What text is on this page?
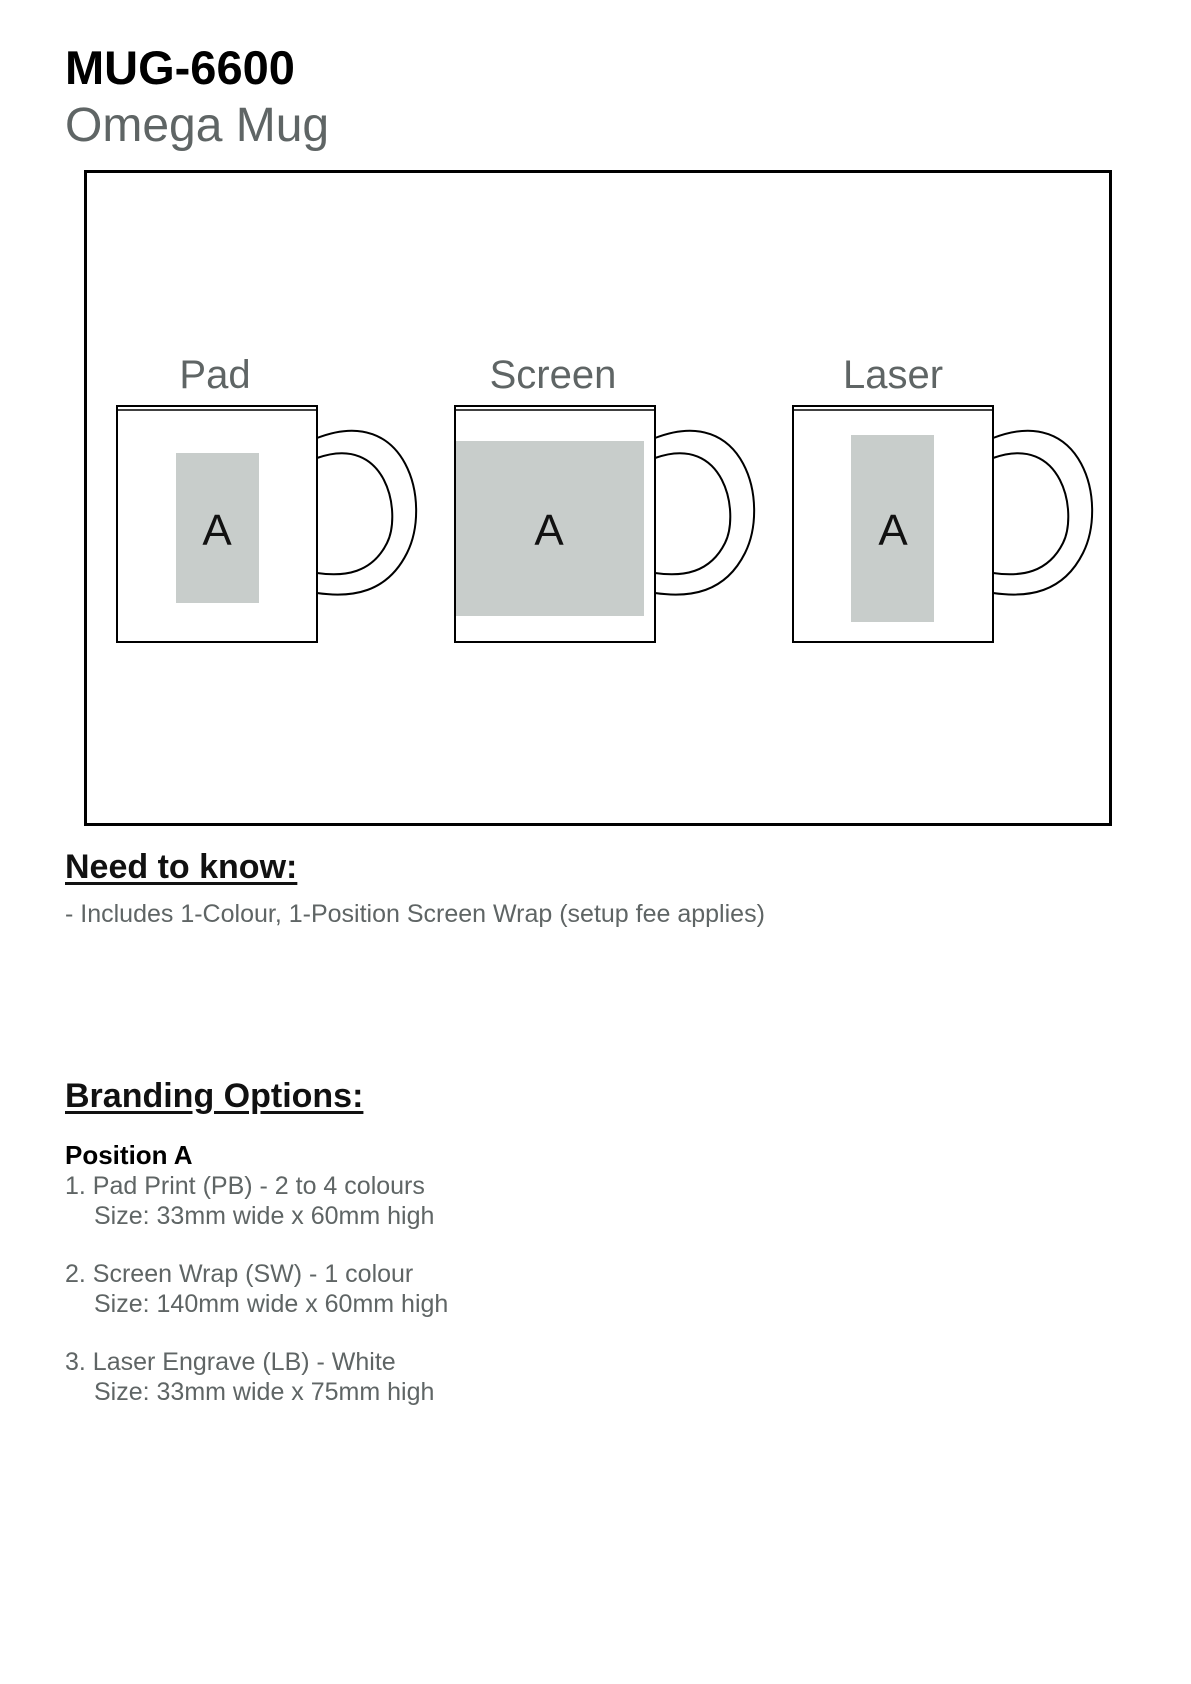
MUG-6600
Omega Mug
Pad
A
Screen
A
Laser
A
Need to know:
- Includes 1-Colour, 1-Position Screen Wrap (setup fee applies)
Branding Options:
Position A
1. Pad Print (PB) - 2 to 4 colours
Size: 33mm wide x 60mm high
2. Screen Wrap (SW) - 1 colour
Size: 140mm wide x 60mm high
3. Laser Engrave (LB) - White
Size: 33mm wide x 75mm high
